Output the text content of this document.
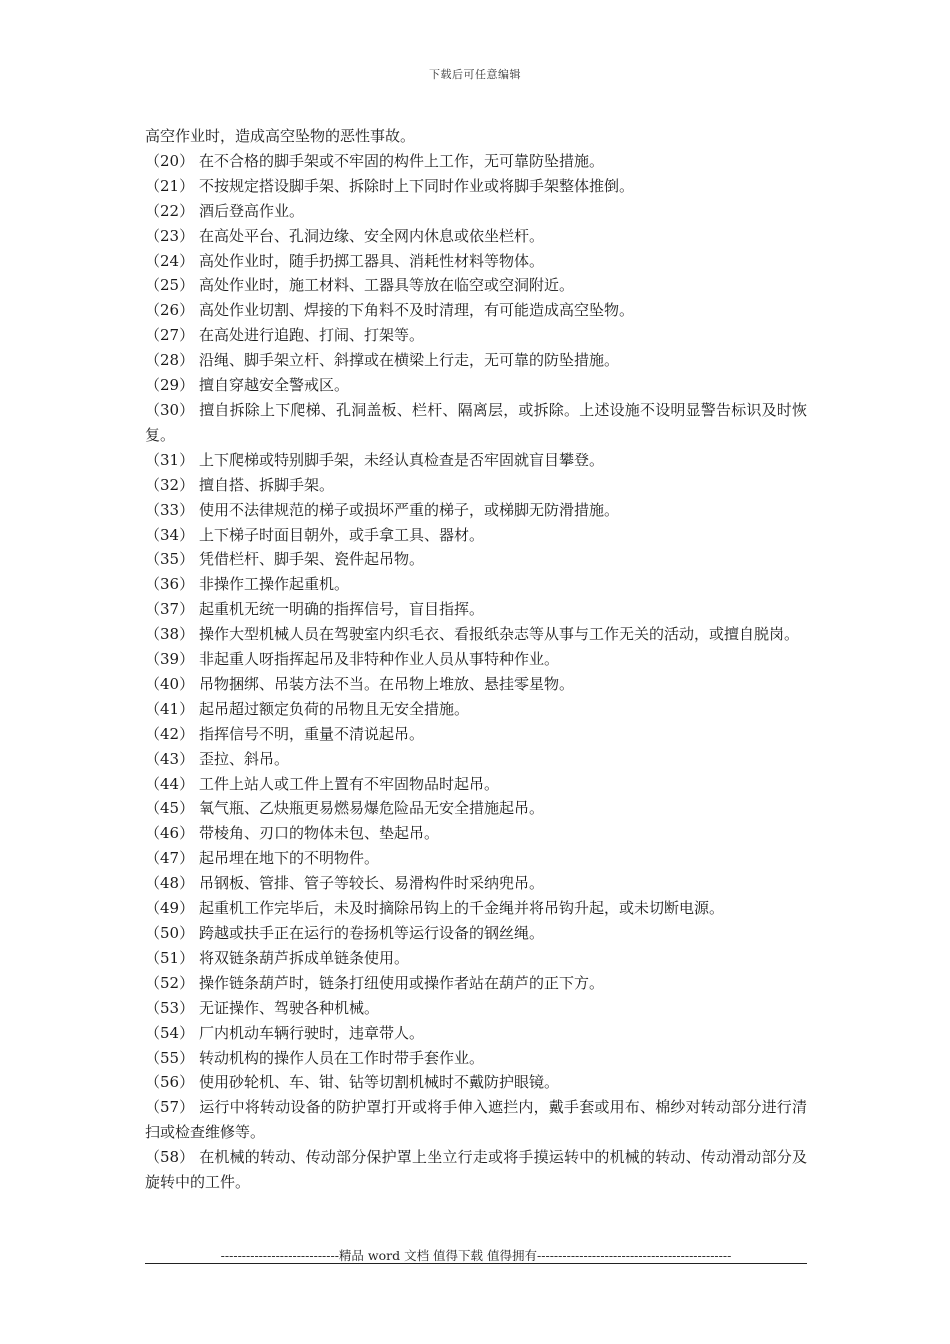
下载后可任意编辑

高空作业时，造成高空坠物的恶性事故。

（20） 在不合格的脚手架或不牢固的构件上工作，无可靠防坠措施。

（21） 不按规定搭设脚手架、拆除时上下同时作业或将脚手架整体推倒。

（22） 酒后登高作业。

（23） 在高处平台、孔洞边缘、安全网内休息或依坐栏杆。

（24） 高处作业时，随手扔掷工器具、消耗性材料等物体。

（25） 高处作业时，施工材料、工器具等放在临空或空洞附近。

（26） 高处作业切割、焊接的下角料不及时清理，有可能造成高空坠物。

（27） 在高处进行追跑、打闹、打架等。

（28） 沿绳、脚手架立杆、斜撑或在横梁上行走，无可靠的防坠措施。

（29） 擅自穿越安全警戒区。

（30） 擅自拆除上下爬梯、孔洞盖板、栏杆、隔离层，或拆除。上述设施不设明显警告标识及时恢复。

（31） 上下爬梯或特别脚手架，未经认真检查是否牢固就盲目攀登。

（32） 擅自搭、拆脚手架。

（33） 使用不法律规范的梯子或损坏严重的梯子，或梯脚无防滑措施。

（34） 上下梯子时面目朝外，或手拿工具、器材。

（35） 凭借栏杆、脚手架、瓷件起吊物。

（36） 非操作工操作起重机。

（37） 起重机无统一明确的指挥信号，盲目指挥。

（38） 操作大型机械人员在驾驶室内织毛衣、看报纸杂志等从事与工作无关的活动，或擅自脱岗。

（39） 非起重人呀指挥起吊及非特种作业人员从事特种作业。

（40） 吊物捆绑、吊装方法不当。在吊物上堆放、悬挂零星物。

（41） 起吊超过额定负荷的吊物且无安全措施。

（42） 指挥信号不明，重量不清说起吊。

（43） 歪拉、斜吊。

（44） 工件上站人或工件上置有不牢固物品时起吊。

（45） 氧气瓶、乙炔瓶更易燃易爆危险品无安全措施起吊。

（46） 带棱角、刃口的物体未包、垫起吊。

（47） 起吊埋在地下的不明物件。

（48） 吊钢板、管排、管子等较长、易滑构件时采纳兜吊。

（49） 起重机工作完毕后，未及时摘除吊钩上的千金绳并将吊钩升起，或未切断电源。

（50） 跨越或扶手正在运行的卷扬机等运行设备的钢丝绳。

（51） 将双链条葫芦拆成单链条使用。

（52） 操作链条葫芦时，链条打纽使用或操作者站在葫芦的正下方。

（53） 无证操作、驾驶各种机械。

（54） 厂内机动车辆行驶时，违章带人。

（55） 转动机构的操作人员在工作时带手套作业。

（56） 使用砂轮机、车、钳、钻等切割机械时不戴防护眼镜。

（57） 运行中将转动设备的防护罩打开或将手伸入遮拦内，戴手套或用布、棉纱对转动部分进行清扫或检查维修等。

（58） 在机械的转动、传动部分保护罩上坐立行走或将手摸运转中的机械的转动、传动滑动部分及旋转中的工件。

----------------------------精品 word 文档 值得下载 值得拥有----------------------------------------------
